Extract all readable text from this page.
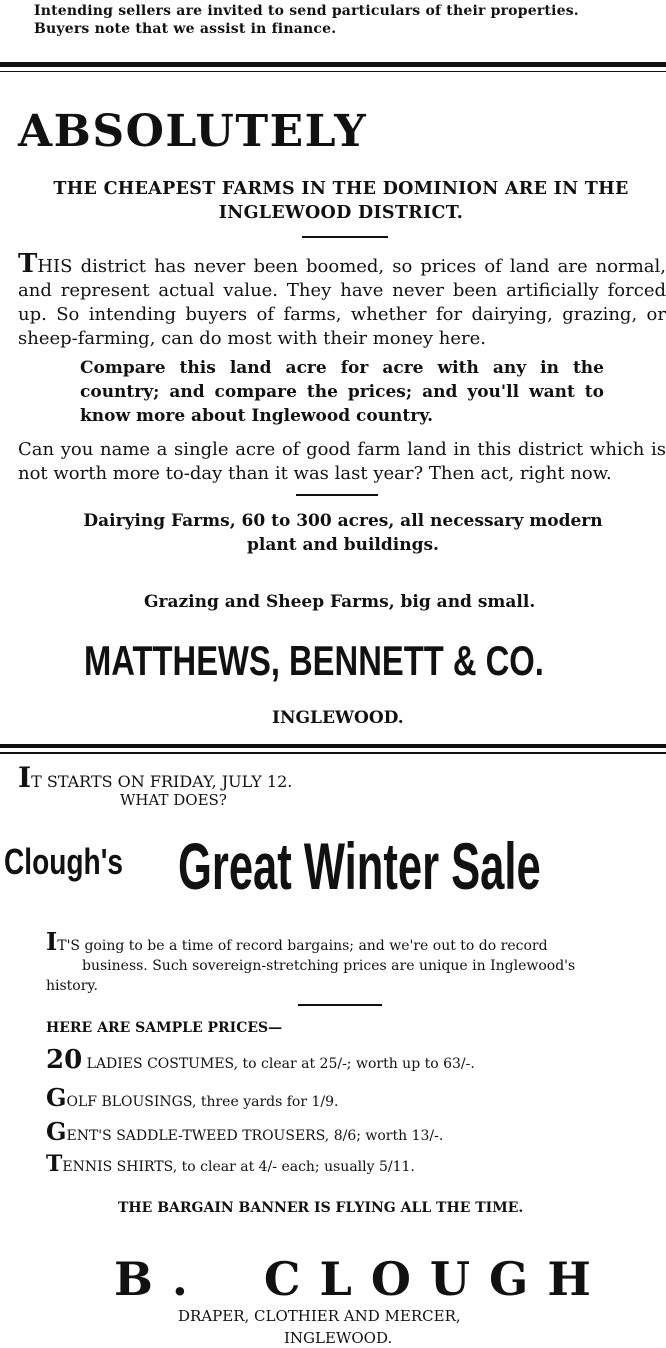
Intending sellers are invited to send particulars of their properties.
Buyers note that we assist in finance.
ABSOLUTELY
THE CHEAPEST FARMS IN THE DOMINION ARE IN THE
INGLEWOOD DISTRICT.
THIS district has never been boomed, so prices of land are normal, and represent actual value. They have never been artificially forced up. So intending buyers of farms, whether for dairying, grazing, or sheep-farming, can do most with their money here.
Compare this land acre for acre with any in the country; and compare the prices; and you'll want to know more about Inglewood country.
Can you name a single acre of good farm land in this district which is not worth more to-day than it was last year? Then act, right now.
Dairying Farms, 60 to 300 acres, all necessary modern
plant and buildings.
Grazing and Sheep Farms, big and small.
MATTHEWS, BENNETT & CO.
INGLEWOOD.
IT STARTS ON FRIDAY, JULY 12.
WHAT DOES?
Clough's Great Winter Sale
IT'S going to be a time of record bargains; and we're out to do record
business. Such sovereign-stretching prices are unique in Inglewood's
history.
HERE ARE SAMPLE PRICES—
20 LADIES COSTUMES, to clear at 25/-; worth up to 63/-.
GOLF BLOUSINGS, three yards for 1/9.
GENT'S SADDLE-TWEED TROUSERS, 8/6; worth 13/-.
TENNIS SHIRTS, to clear at 4/- each; usually 5/11.
THE BARGAIN BANNER IS FLYING ALL THE TIME.
B. CLOUGH
DRAPER, CLOTHIER AND MERCER,
INGLEWOOD.
